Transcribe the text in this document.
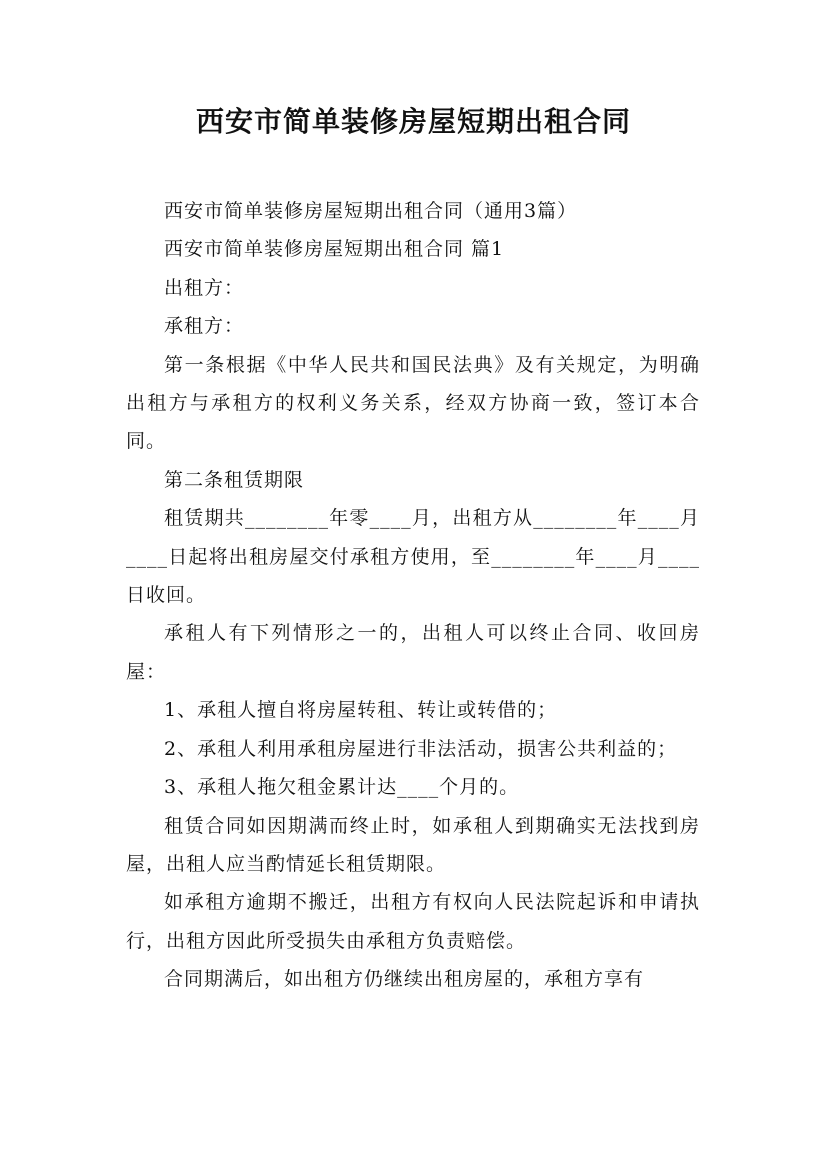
西安市简单装修房屋短期出租合同

西安市简单装修房屋短期出租合同（通用3篇）

西安市简单装修房屋短期出租合同 篇1

出租方：

承租方：

第一条根据《中华人民共和国民法典》及有关规定，为明确出租方与承租方的权利义务关系，经双方协商一致，签订本合同。

第二条租赁期限

租赁期共________年零____月，出租方从________年____月____日起将出租房屋交付承租方使用，至________年____月____日收回。

承租人有下列情形之一的，出租人可以终止合同、收回房屋：

1、承租人擅自将房屋转租、转让或转借的；

2、承租人利用承租房屋进行非法活动，损害公共利益的；

3、承租人拖欠租金累计达____个月的。

租赁合同如因期满而终止时，如承租人到期确实无法找到房屋，出租人应当酌情延长租赁期限。

如承租方逾期不搬迁，出租方有权向人民法院起诉和申请执行，出租方因此所受损失由承租方负责赔偿。

合同期满后，如出租方仍继续出租房屋的，承租方享有
